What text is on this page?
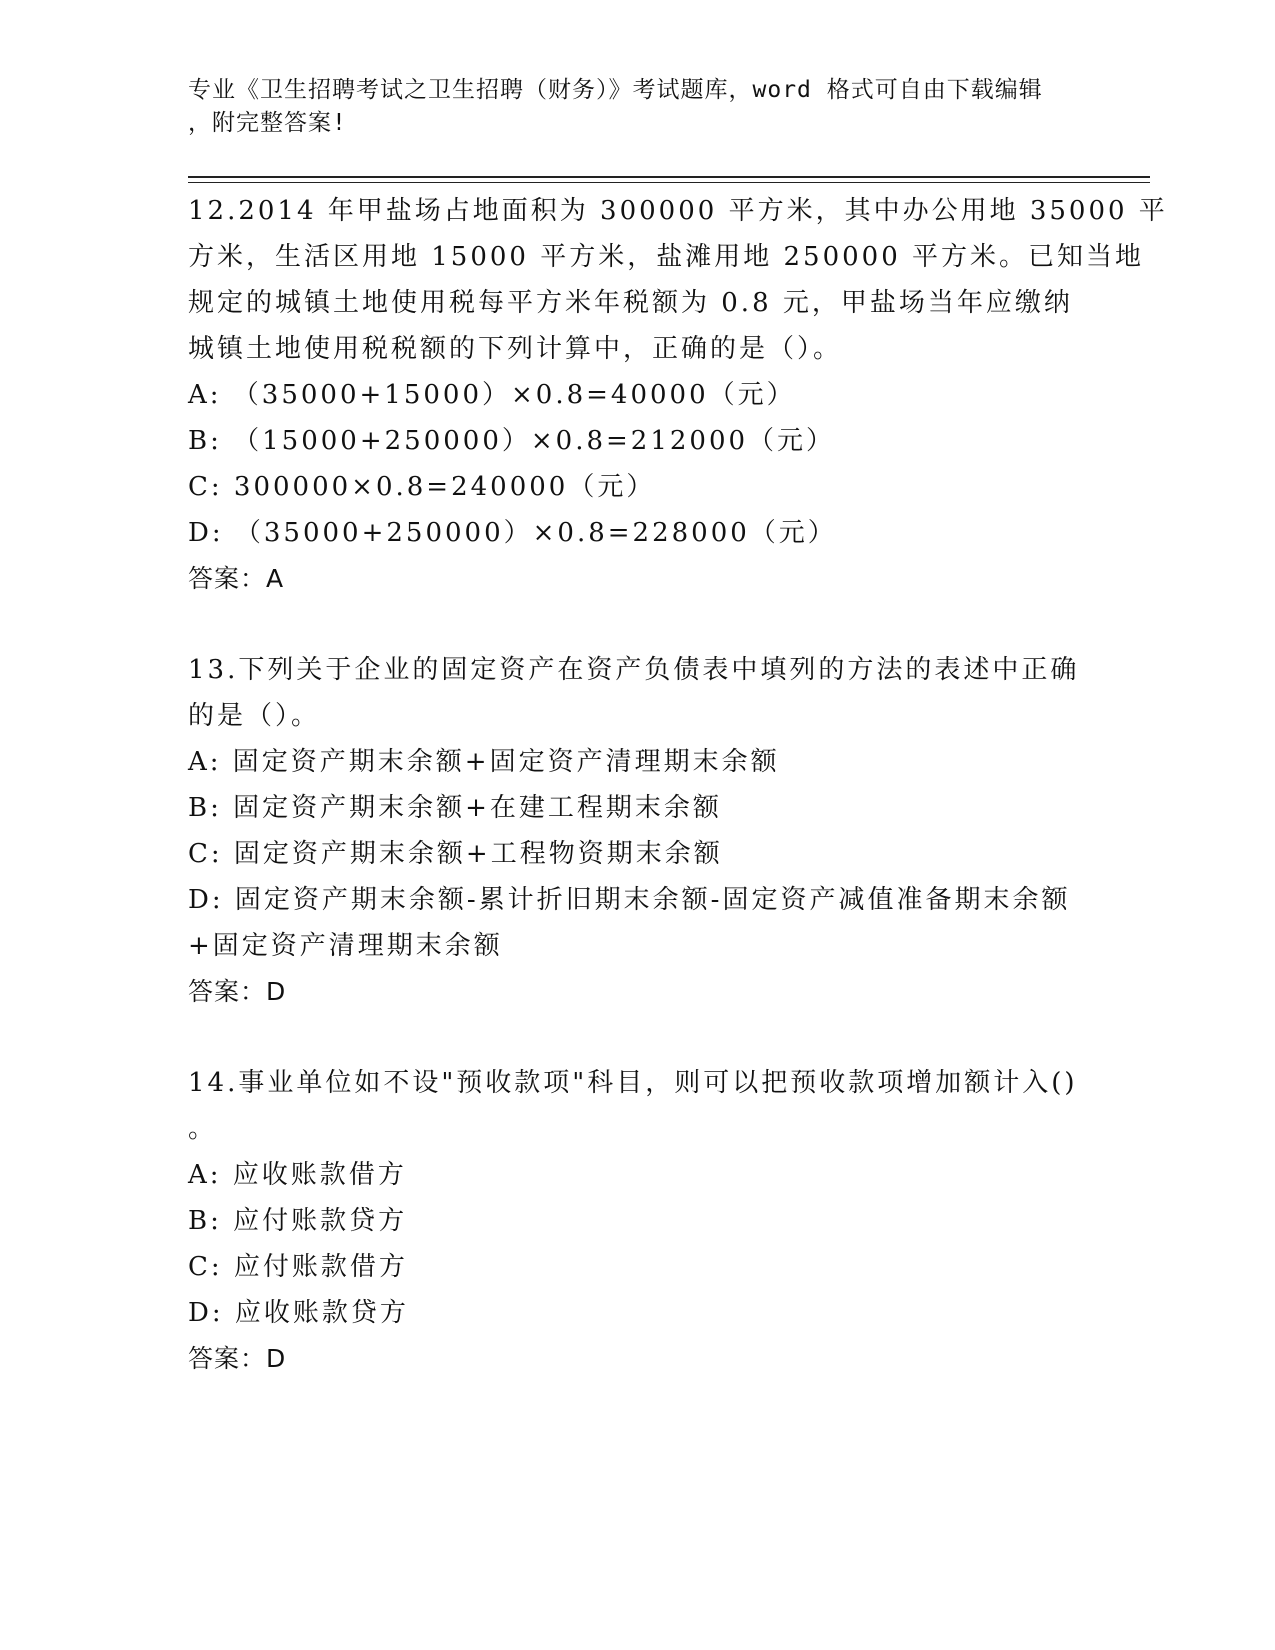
专业《卫生招聘考试之卫生招聘（财务）》考试题库，word 格式可自由下载编辑
，附完整答案!
12.2014 年甲盐场占地面积为 300000 平方米，其中办公用地 35000 平
方米，生活区用地 15000 平方米，盐滩用地 250000 平方米。已知当地
规定的城镇土地使用税每平方米年税额为 0.8 元，甲盐场当年应缴纳
城镇土地使用税税额的下列计算中，正确的是（）。
A: （35000+15000）×0.8=40000（元）
B: （15000+250000）×0.8=212000（元）
C: 300000×0.8=240000（元）
D: （35000+250000）×0.8=228000（元）
答案：A
13.下列关于企业的固定资产在资产负债表中填列的方法的表述中正确
的是（）。
A: 固定资产期末余额+固定资产清理期末余额
B: 固定资产期末余额+在建工程期末余额
C: 固定资产期末余额+工程物资期末余额
D: 固定资产期末余额-累计折旧期末余额-固定资产减值准备期末余额
+固定资产清理期末余额
答案：D
14.事业单位如不设"预收款项"科目，则可以把预收款项增加额计入()
。
A: 应收账款借方
B: 应付账款贷方
C: 应付账款借方
D: 应收账款贷方
答案：D
